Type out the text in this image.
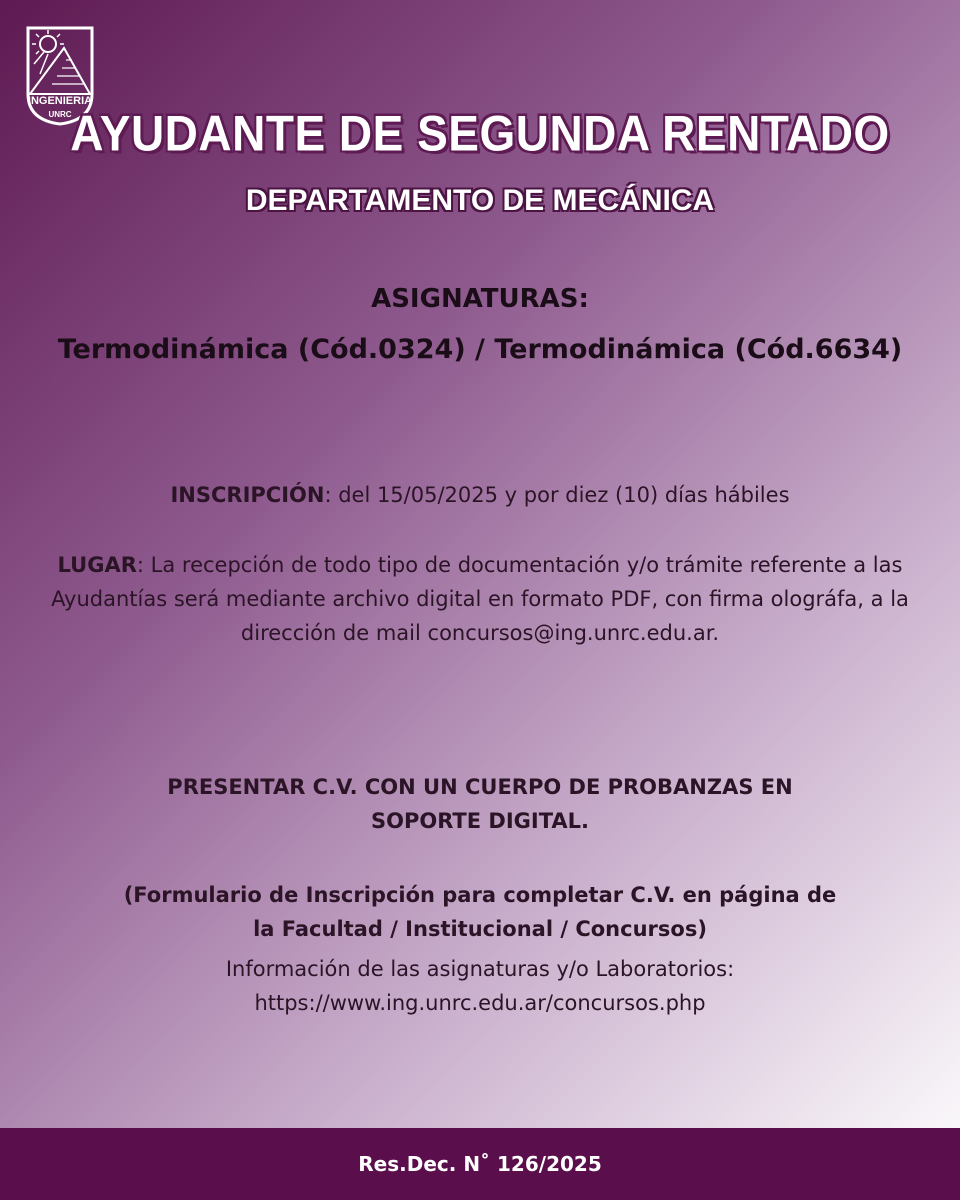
INGENIERIA
UNRC
AYUDANTE DE SEGUNDA RENTADO
DEPARTAMENTO DE MECÁNICA
ASIGNATURAS:
Termodinámica (Cód.0324) / Termodinámica (Cód.6634)
INSCRIPCIÓN: del 15/05/2025 y por diez (10) días hábiles
LUGAR: La recepción de todo tipo de documentación y/o trámite referente a las Ayudantías será mediante archivo digital en formato PDF, con firma olográfa, a la dirección de mail concursos@ing.unrc.edu.ar.
PRESENTAR C.V. CON UN CUERPO DE PROBANZAS EN
SOPORTE DIGITAL.
(Formulario de Inscripción para completar C.V. en página de
la Facultad / Institucional / Concursos)
Información de las asignaturas y/o Laboratorios:
https://www.ing.unrc.edu.ar/concursos.php
Res.Dec. N˚ 126/2025
